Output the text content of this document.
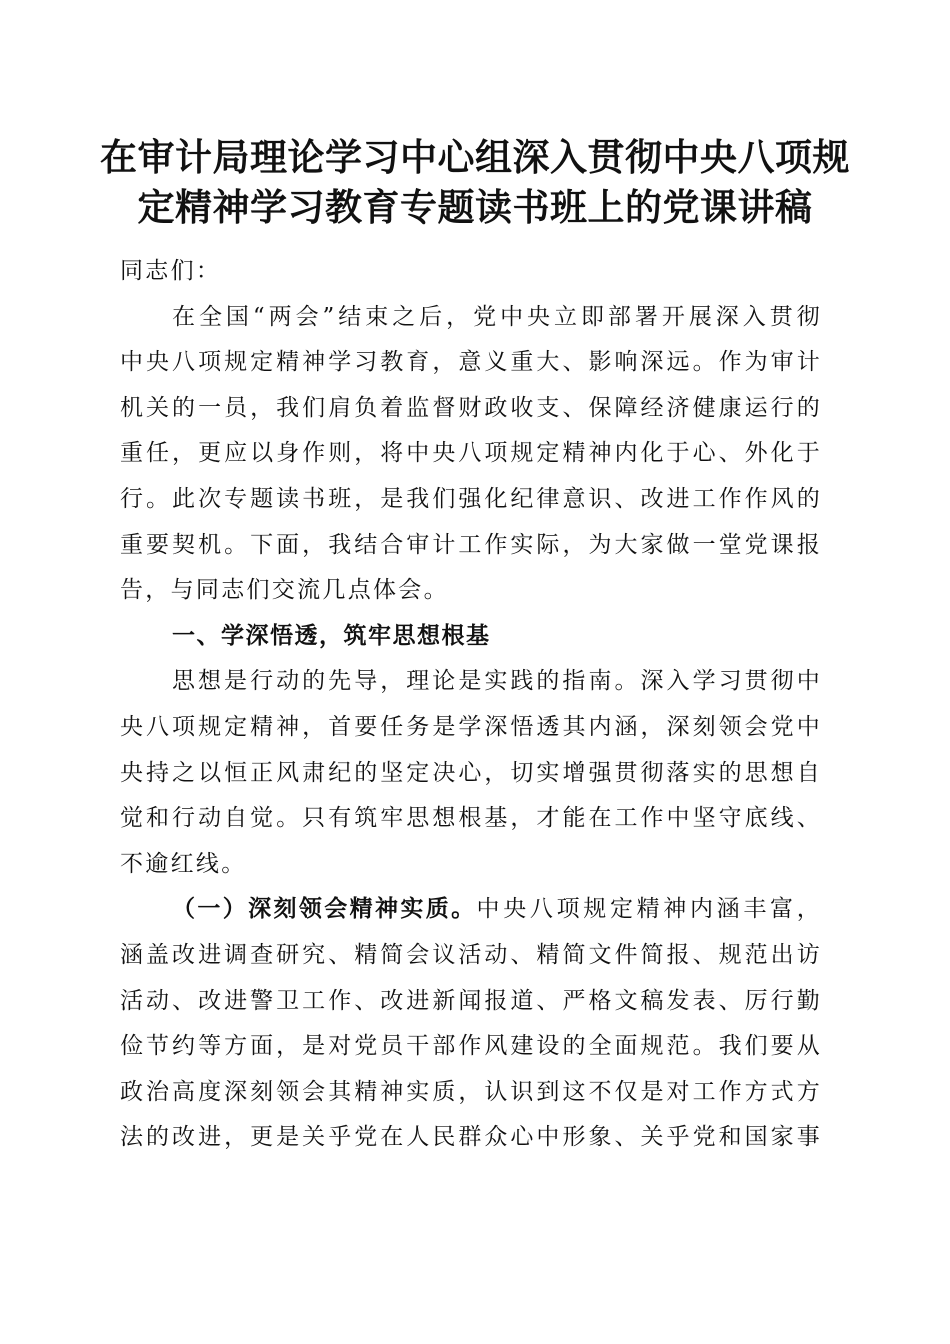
在审计局理论学习中心组深入贯彻中央八项规
定精神学习教育专题读书班上的党课讲稿
同志们：
在全国“两会”结束之后，党中央立即部署开展深入贯彻
中央八项规定精神学习教育，意义重大、影响深远。作为审计
机关的一员，我们肩负着监督财政收支、保障经济健康运行的
重任，更应以身作则，将中央八项规定精神内化于心、外化于
行。此次专题读书班，是我们强化纪律意识、改进工作作风的
重要契机。下面，我结合审计工作实际，为大家做一堂党课报
告，与同志们交流几点体会。
一、学深悟透，筑牢思想根基
思想是行动的先导，理论是实践的指南。深入学习贯彻中
央八项规定精神，首要任务是学深悟透其内涵，深刻领会党中
央持之以恒正风肃纪的坚定决心，切实增强贯彻落实的思想自
觉和行动自觉。只有筑牢思想根基，才能在工作中坚守底线、
不逾红线。
（一）深刻领会精神实质。中央八项规定精神内涵丰富，
涵盖改进调查研究、精简会议活动、精简文件简报、规范出访
活动、改进警卫工作、改进新闻报道、严格文稿发表、厉行勤
俭节约等方面，是对党员干部作风建设的全面规范。我们要从
政治高度深刻领会其精神实质，认识到这不仅是对工作方式方
法的改进，更是关乎党在人民群众心中形象、关乎党和国家事
